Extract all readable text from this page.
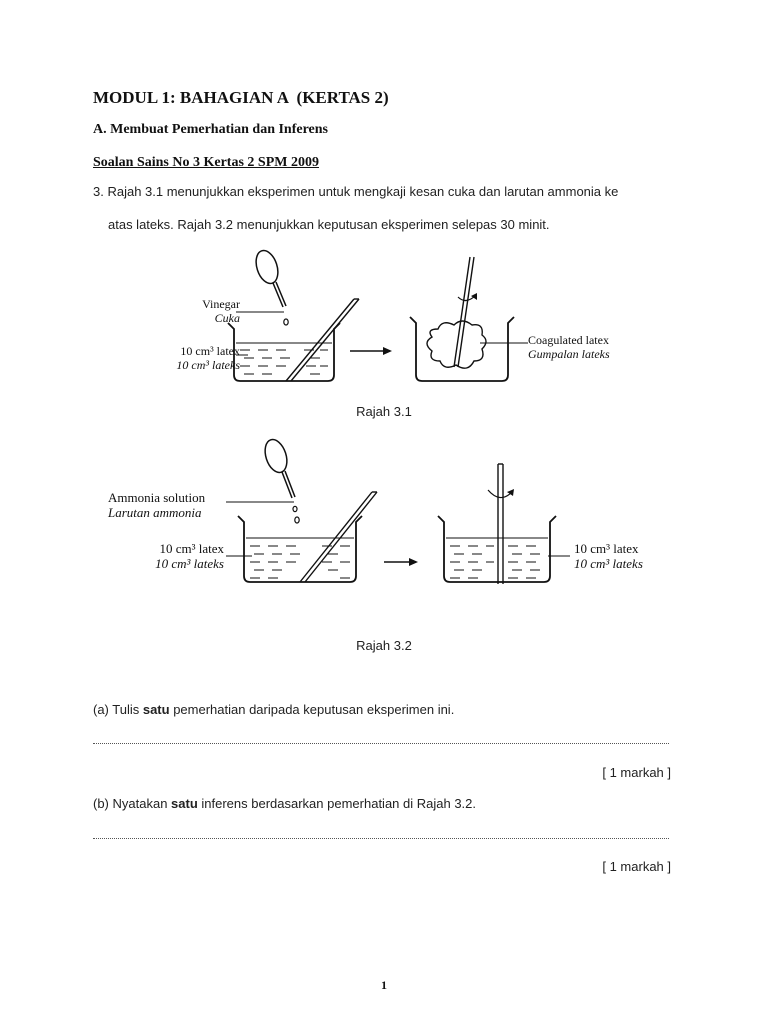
MODUL 1: BAHAGIAN A  (KERTAS 2)
A. Membuat Pemerhatian dan Inferens
Soalan Sains No 3 Kertas 2 SPM 2009
3. Rajah 3.1 menunjukkan eksperimen untuk mengkaji kesan cuka dan larutan ammonia ke
atas lateks. Rajah 3.2 menunjukkan keputusan eksperimen selepas 30 minit.
Vinegar
Cuka
10 cm³ latex
10 cm³ lateks
Coagulated latex
Gumpalan lateks
Rajah 3.1
Ammonia solution
Larutan ammonia
10 cm³ latex
10 cm³ lateks
10 cm³ latex
10 cm³ lateks
Rajah 3.2
(a) Tulis satu pemerhatian daripada keputusan eksperimen ini.
[ 1 markah ]
(b) Nyatakan satu inferens berdasarkan pemerhatian di Rajah 3.2.
[ 1 markah ]
1
